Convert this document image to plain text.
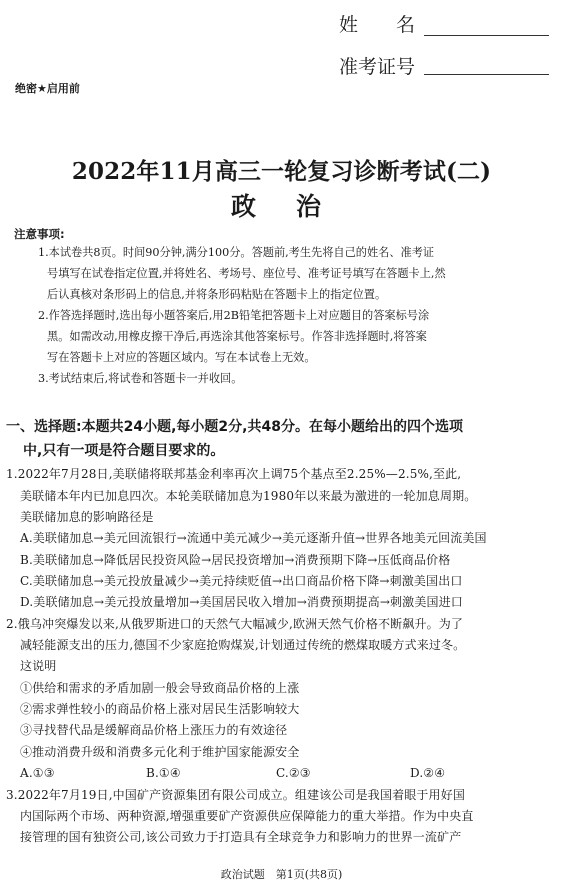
姓　　名
准考证号
绝密★启用前
2022年11月高三一轮复习诊断考试(二)
政治
注意事项:
1.本试卷共8页。时间90分钟,满分100分。答题前,考生先将自己的姓名、准考证
号填写在试卷指定位置,并将姓名、考场号、座位号、准考证号填写在答题卡上,然
后认真核对条形码上的信息,并将条形码粘贴在答题卡上的指定位置。
2.作答选择题时,选出每小题答案后,用2B铅笔把答题卡上对应题目的答案标号涂
黑。如需改动,用橡皮擦干净后,再选涂其他答案标号。作答非选择题时,将答案
写在答题卡上对应的答题区域内。写在本试卷上无效。
3.考试结束后,将试卷和答题卡一并收回。
一、选择题:本题共24小题,每小题2分,共48分。在每小题给出的四个选项
中,只有一项是符合题目要求的。
1.2022年7月28日,美联储将联邦基金利率再次上调75个基点至2.25%—2.5%,至此,
美联储本年内已加息四次。本轮美联储加息为1980年以来最为激进的一轮加息周期。
美联储加息的影响路径是
A.美联储加息→美元回流银行→流通中美元减少→美元逐渐升值→世界各地美元回流美国
B.美联储加息→降低居民投资风险→居民投资增加→消费预期下降→压低商品价格
C.美联储加息→美元投放量减少→美元持续贬值→出口商品价格下降→刺激美国出口
D.美联储加息→美元投放量增加→美国居民收入增加→消费预期提高→刺激美国进口
2.俄乌冲突爆发以来,从俄罗斯进口的天然气大幅减少,欧洲天然气价格不断飙升。为了
减轻能源支出的压力,德国不少家庭抢购煤炭,计划通过传统的燃煤取暖方式来过冬。
这说明
①供给和需求的矛盾加剧一般会导致商品价格的上涨
②需求弹性较小的商品价格上涨对居民生活影响较大
③寻找替代品是缓解商品价格上涨压力的有效途径
④推动消费升级和消费多元化利于维护国家能源安全
A.①③	B.①④	C.②③	D.②④
3.2022年7月19日,中国矿产资源集团有限公司成立。组建该公司是我国着眼于用好国
内国际两个市场、两种资源,增强重要矿产资源供应保障能力的重大举措。作为中央直
接管理的国有独资公司,该公司致力于打造具有全球竞争力和影响力的世界一流矿产
政治试题　第1页(共8页)
